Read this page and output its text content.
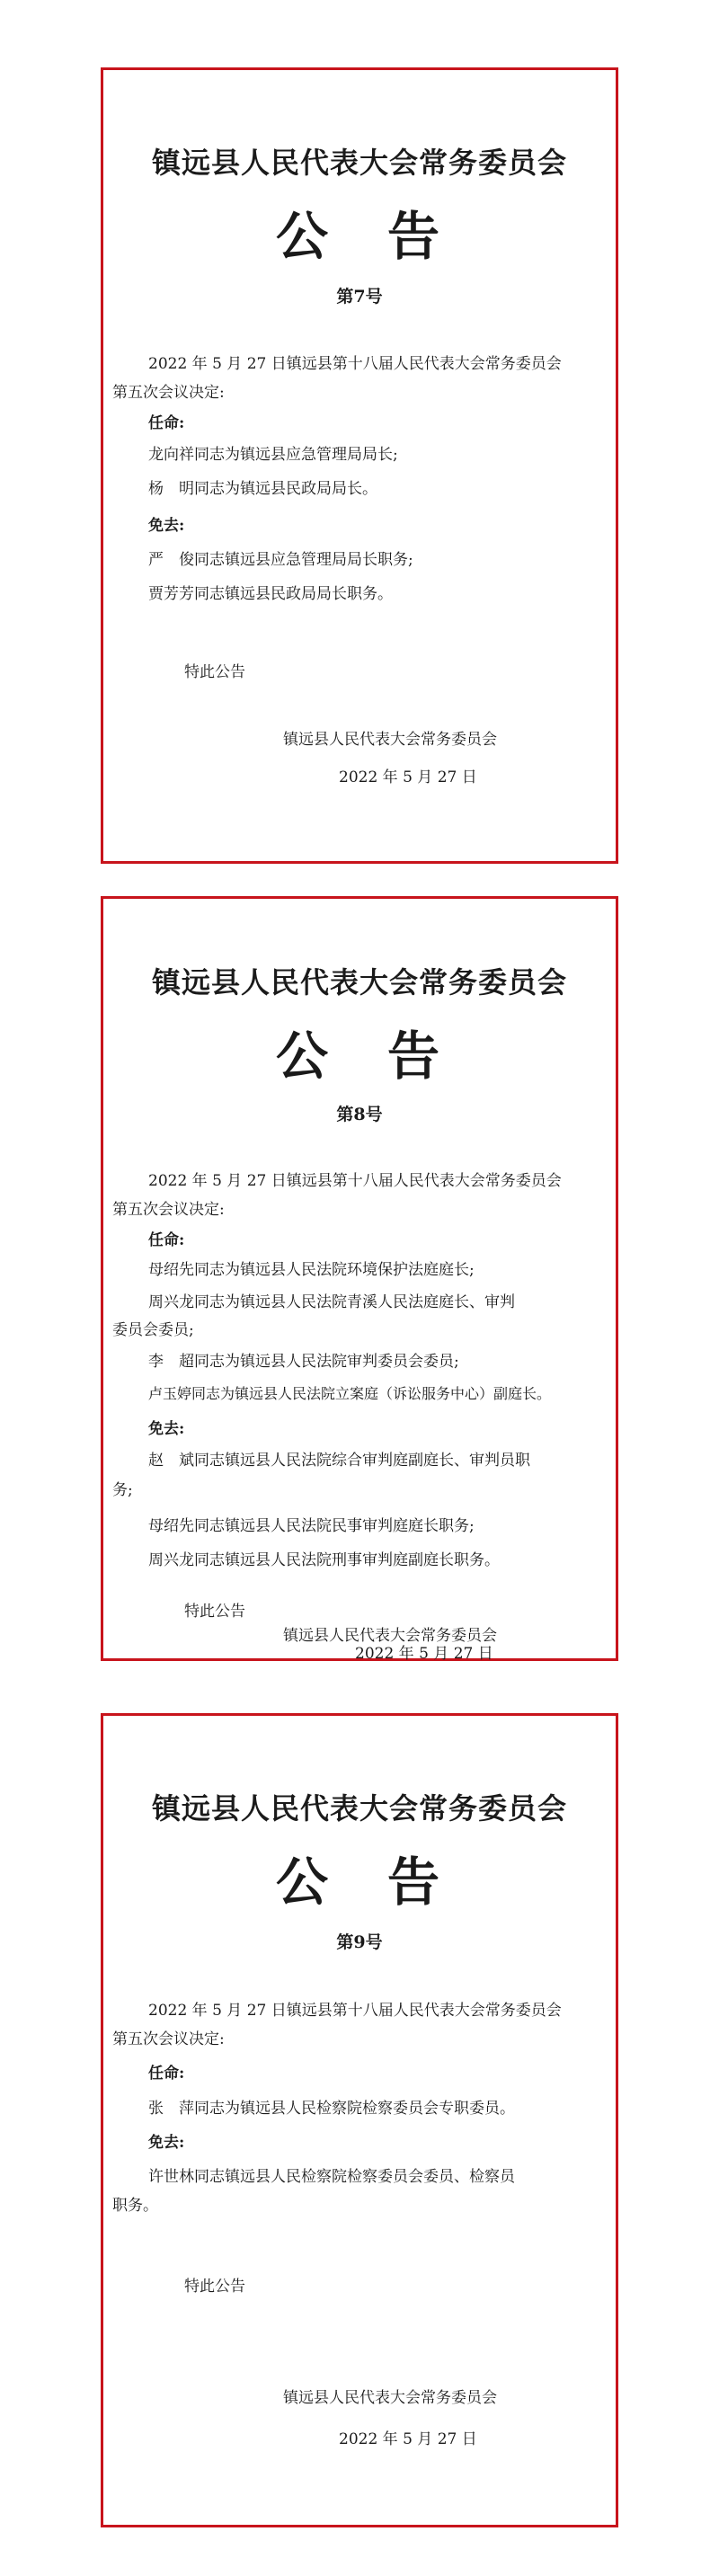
镇远县人民代表大会常务委员会
公　告
第7号
2022 年 5 月 27 日镇远县第十八届人民代表大会常务委员会
第五次会议决定:
任命:
龙向祥同志为镇远县应急管理局局长;
杨　明同志为镇远县民政局局长。
免去:
严　俊同志镇远县应急管理局局长职务;
贾芳芳同志镇远县民政局局长职务。
特此公告
镇远县人民代表大会常务委员会
2022 年 5 月 27 日
镇远县人民代表大会常务委员会
公　告
第8号
2022 年 5 月 27 日镇远县第十八届人民代表大会常务委员会
第五次会议决定:
任命:
母绍先同志为镇远县人民法院环境保护法庭庭长;
周兴龙同志为镇远县人民法院青溪人民法庭庭长、审判
委员会委员;
李　超同志为镇远县人民法院审判委员会委员;
卢玉婷同志为镇远县人民法院立案庭（诉讼服务中心）副庭长。
免去:
赵　斌同志镇远县人民法院综合审判庭副庭长、审判员职
务;
母绍先同志镇远县人民法院民事审判庭庭长职务;
周兴龙同志镇远县人民法院刑事审判庭副庭长职务。
特此公告
镇远县人民代表大会常务委员会
2022 年 5 月 27 日
镇远县人民代表大会常务委员会
公　告
第9号
2022 年 5 月 27 日镇远县第十八届人民代表大会常务委员会
第五次会议决定:
任命:
张　萍同志为镇远县人民检察院检察委员会专职委员。
免去:
许世林同志镇远县人民检察院检察委员会委员、检察员
职务。
特此公告
镇远县人民代表大会常务委员会
2022 年 5 月 27 日
